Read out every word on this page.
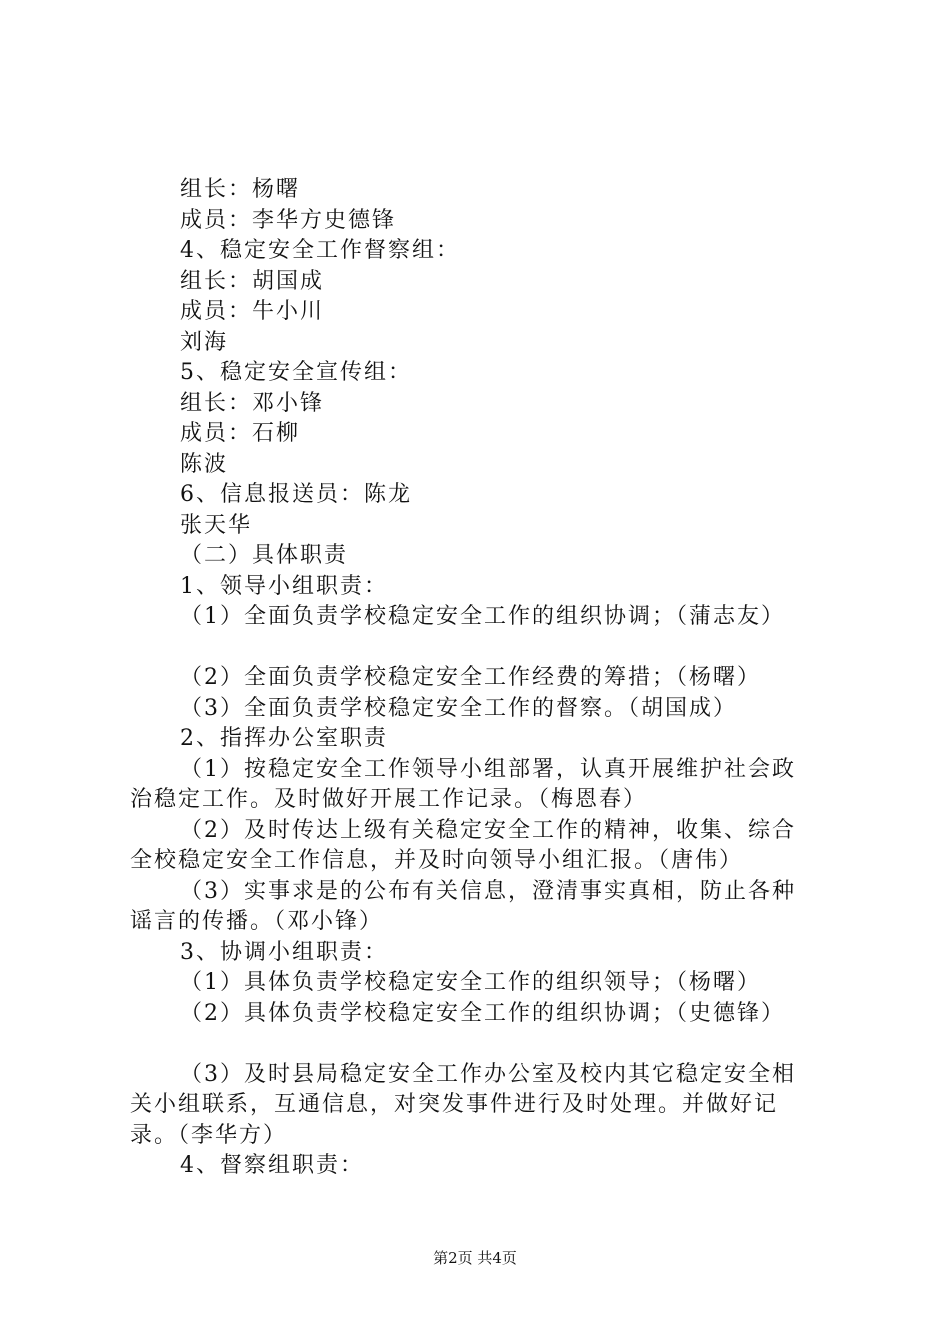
组长：杨曙
成员：李华方史德锋
4、稳定安全工作督察组：
组长：胡国成
成员：牛小川
刘海
5、稳定安全宣传组：
组长：邓小锋
成员：石柳
陈波
6、信息报送员：陈龙
张天华
（二）具体职责
1、领导小组职责：
（1）全面负责学校稳定安全工作的组织协调；（蒲志友）
（2）全面负责学校稳定安全工作经费的筹措；（杨曙）
（3）全面负责学校稳定安全工作的督察。（胡国成）
2、指挥办公室职责
（1）按稳定安全工作领导小组部署，认真开展维护社会政
治稳定工作。及时做好开展工作记录。（梅恩春）
（2）及时传达上级有关稳定安全工作的精神，收集、综合
全校稳定安全工作信息，并及时向领导小组汇报。（唐伟）
（3）实事求是的公布有关信息，澄清事实真相，防止各种
谣言的传播。（邓小锋）
3、协调小组职责：
（1）具体负责学校稳定安全工作的组织领导；（杨曙）
（2）具体负责学校稳定安全工作的组织协调；（史德锋）
（3）及时县局稳定安全工作办公室及校内其它稳定安全相
关小组联系，互通信息，对突发事件进行及时处理。并做好记
录。（李华方）
4、督察组职责：
第2页 共4页
